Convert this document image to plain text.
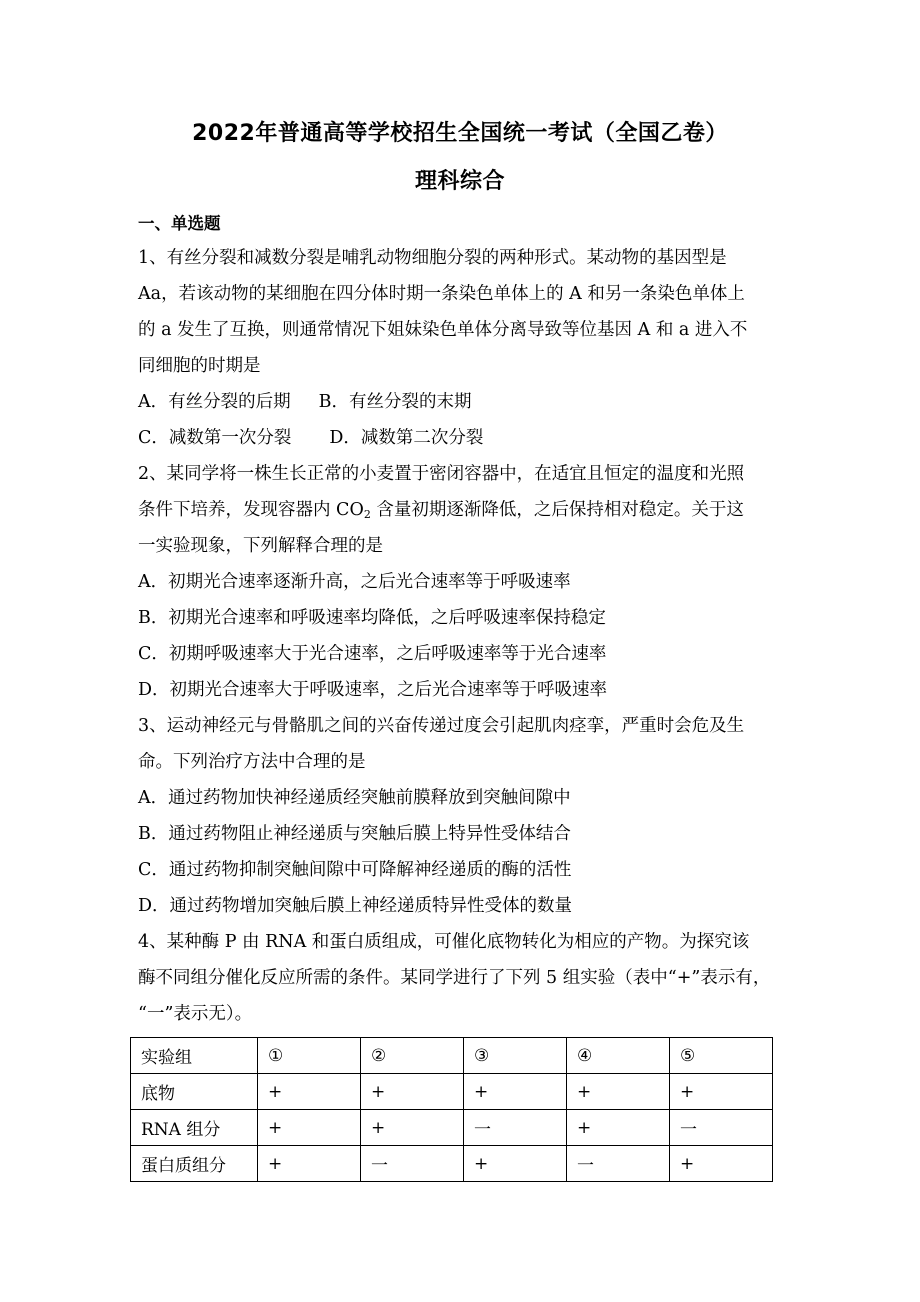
2022年普通高等学校招生全国统一考试（全国乙卷）
理科综合
一、单选题
1、有丝分裂和减数分裂是哺乳动物细胞分裂的两种形式。某动物的基因型是
Aa，若该动物的某细胞在四分体时期一条染色单体上的 A 和另一条染色单体上
的 a 发生了互换，则通常情况下姐妹染色单体分离导致等位基因 A 和 a 进入不
同细胞的时期是
A．有丝分裂的后期 B．有丝分裂的末期
C．减数第一次分裂 D．减数第二次分裂
2、某同学将一株生长正常的小麦置于密闭容器中，在适宜且恒定的温度和光照
条件下培养，发现容器内 $CO_2$ 含量初期逐渐降低，之后保持相对稳定。关于这
一实验现象，下列解释合理的是
A．初期光合速率逐渐升高，之后光合速率等于呼吸速率
B．初期光合速率和呼吸速率均降低，之后呼吸速率保持稳定
C．初期呼吸速率大于光合速率，之后呼吸速率等于光合速率
D．初期光合速率大于呼吸速率，之后光合速率等于呼吸速率
3、运动神经元与骨骼肌之间的兴奋传递过度会引起肌肉痉挛，严重时会危及生
命。下列治疗方法中合理的是
A．通过药物加快神经递质经突触前膜释放到突触间隙中
B．通过药物阻止神经递质与突触后膜上特异性受体结合
C．通过药物抑制突触间隙中可降解神经递质的酶的活性
D．通过药物增加突触后膜上神经递质特异性受体的数量
4、某种酶 P 由 RNA 和蛋白质组成，可催化底物转化为相应的产物。为探究该
酶不同组分催化反应所需的条件。某同学进行了下列 5 组实验（表中“+”表示有，
“一”表示无）。
实验组	①	②	③	④	⑤
底物	+	+	+	+	+
RNA 组分	+	+	一	+	一
蛋白质组分	+	一	+	一	+
